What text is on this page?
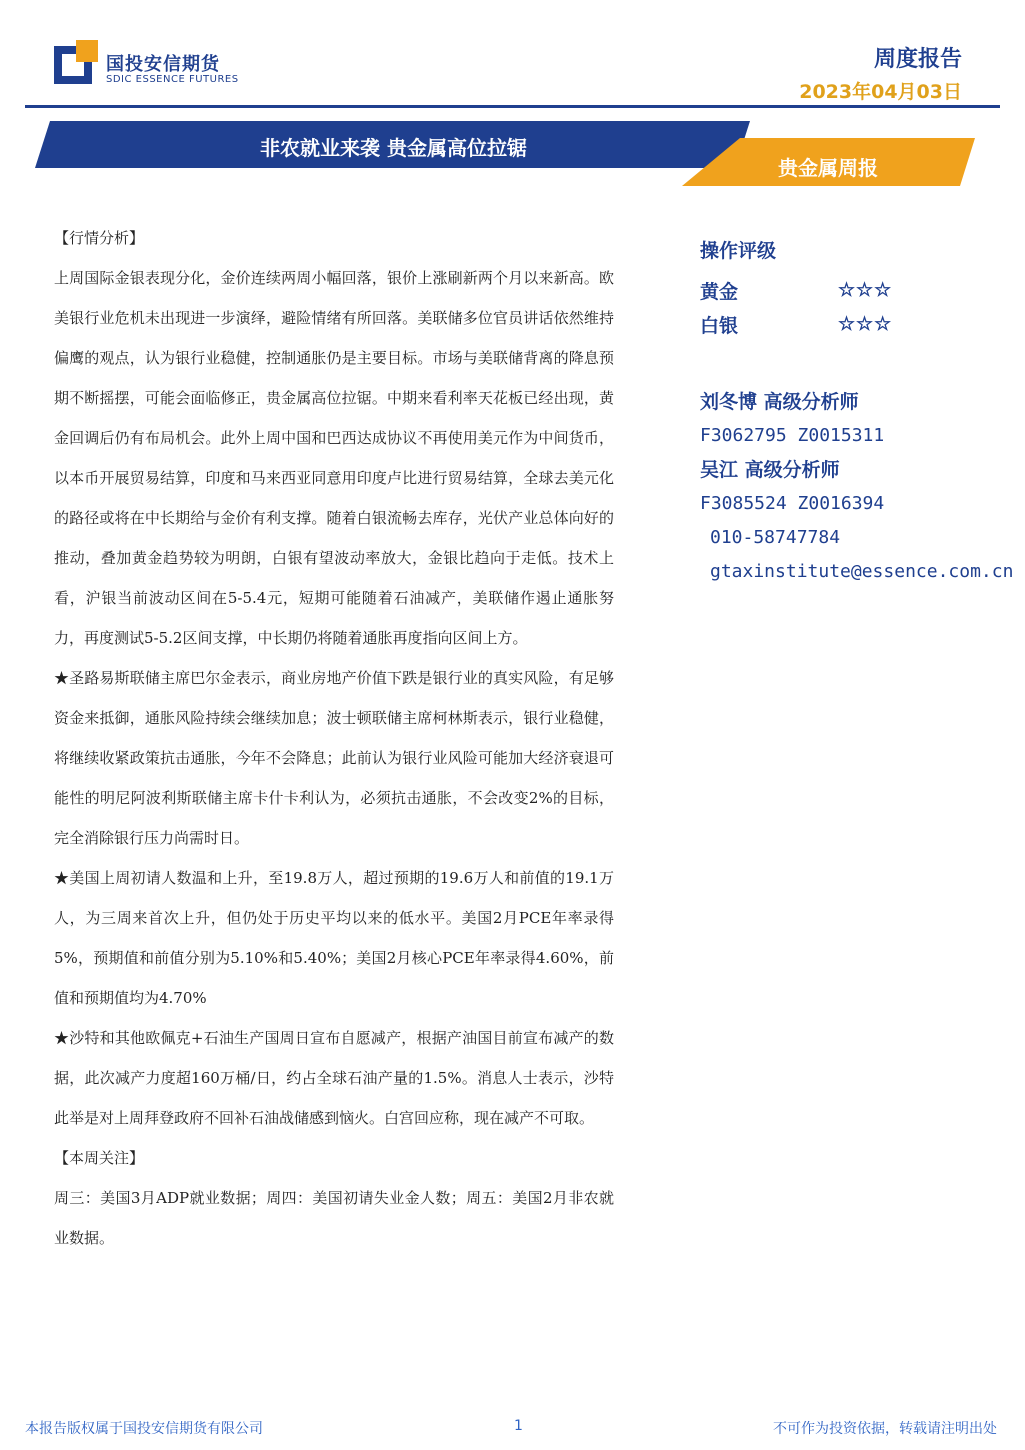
国投安信期货
SDIC ESSENCE FUTURES
周度报告
2023年04月03日
非农就业来袭 贵金属高位拉锯
贵金属周报

【行情分析】

上周国际金银表现分化，金价连续两周小幅回落，银价上涨刷新两个月以来新高。欧美银行业危机未出现进一步演绎，避险情绪有所回落。美联储多位官员讲话依然维持偏鹰的观点，认为银行业稳健，控制通胀仍是主要目标。市场与美联储背离的降息预期不断摇摆，可能会面临修正，贵金属高位拉锯。中期来看利率天花板已经出现，黄金回调后仍有布局机会。此外上周中国和巴西达成协议不再使用美元作为中间货币，以本币开展贸易结算，印度和马来西亚同意用印度卢比进行贸易结算，全球去美元化的路径或将在中长期给与金价有利支撑。随着白银流畅去库存，光伏产业总体向好的推动，叠加黄金趋势较为明朗，白银有望波动率放大，金银比趋向于走低。技术上看，沪银当前波动区间在5-5.4元，短期可能随着石油减产，美联储作遏止通胀努力，再度测试5-5.2区间支撑，中长期仍将随着通胀再度指向区间上方。

★圣路易斯联储主席巴尔金表示，商业房地产价值下跌是银行业的真实风险，有足够资金来抵御，通胀风险持续会继续加息；波士顿联储主席柯林斯表示，银行业稳健，将继续收紧政策抗击通胀，今年不会降息；此前认为银行业风险可能加大经济衰退可能性的明尼阿波利斯联储主席卡什卡利认为，必须抗击通胀，不会改变2%的目标，完全消除银行压力尚需时日。

★美国上周初请人数温和上升，至19.8万人，超过预期的19.6万人和前值的19.1万人，为三周来首次上升，但仍处于历史平均以来的低水平。美国2月PCE年率录得5%，预期值和前值分别为5.10%和5.40%；美国2月核心PCE年率录得4.60%，前值和预期值均为4.70%

★沙特和其他欧佩克+石油生产国周日宣布自愿减产，根据产油国目前宣布减产的数据，此次减产力度超160万桶/日，约占全球石油产量的1.5%。消息人士表示，沙特此举是对上周拜登政府不回补石油战储感到恼火。白宫回应称，现在减产不可取。

【本周关注】

周三：美国3月ADP就业数据；周四：美国初请失业金人数；周五：美国2月非农就业数据。

操作评级
黄金	☆☆☆
白银	☆☆☆
刘冬博 高级分析师
F3062795 Z0015311
吴江 高级分析师
F3085524 Z0016394
010-58747784
gtaxinstitute@essence.com.cn
本报告版权属于国投安信期货有限公司	1	不可作为投资依据，转载请注明出处
